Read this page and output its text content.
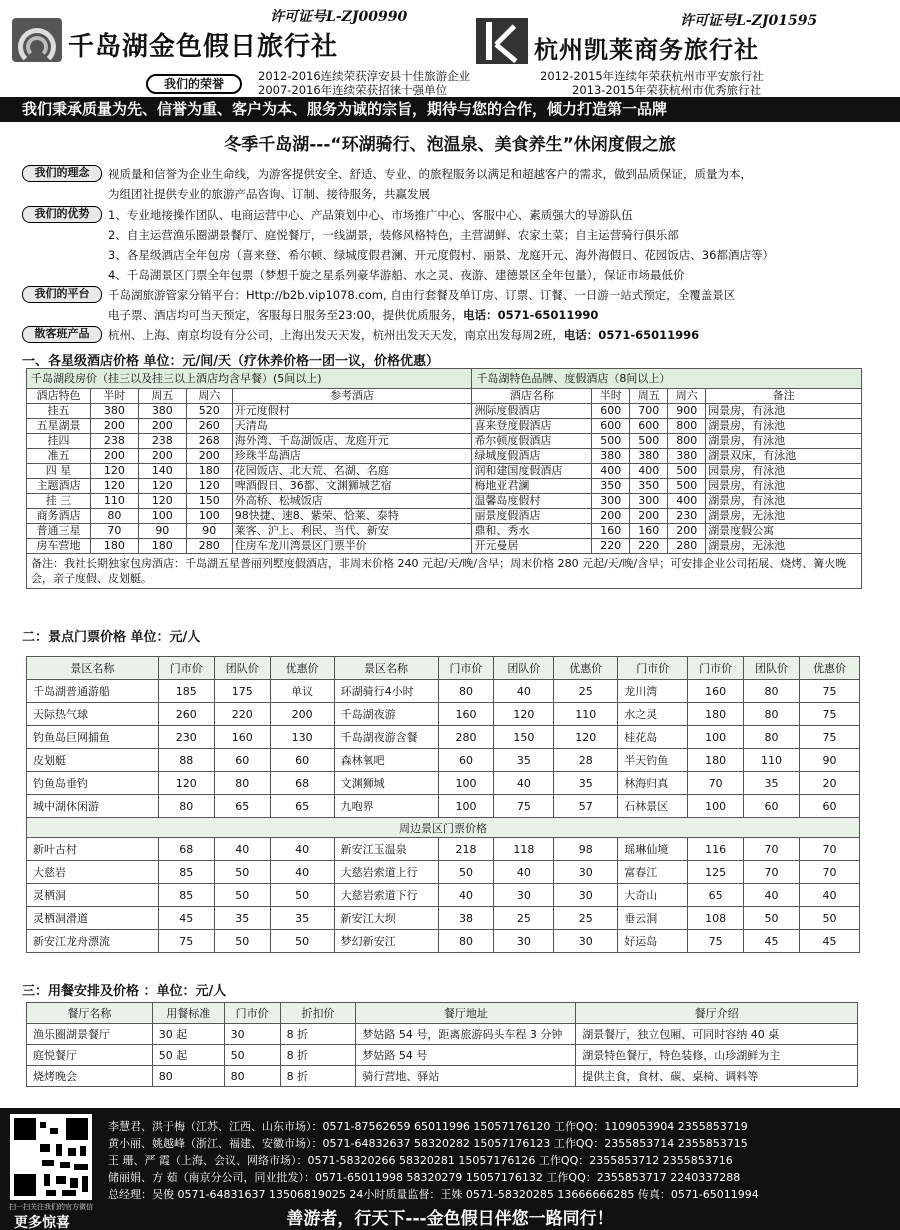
许可证号L-ZJ00990
千岛湖金色假日旅行社
许可证号L-ZJ01595
杭州凯莱商务旅行社
我们的荣誉
2012-2016连续荣获淳安县十佳旅游企业
2007-2016年连续荣获招徕十强单位
2012-2015年连续年荣获杭州市平安旅行社
2013-2015年荣获杭州市优秀旅行社
我们秉承质量为先、信誉为重、客户为本、服务为诚的宗旨，期待与您的合作，倾力打造第一品牌
冬季千岛湖---“环湖骑行、泡温泉、美食养生”休闲度假之旅
我们的理念	视质量和信誉为企业生命线，为游客提供安全、舒适、专业、的旅程服务以满足和超越客户的需求，做到品质保证，质量为本，
为组团社提供专业的旅游产品咨询、订制、接待服务，共赢发展
我们的优势	1、专业地接操作团队、电商运营中心、产品策划中心、市场推广中心、客服中心、素质强大的导游队伍
2、自主运营渔乐圈湖景餐厅、庭悦餐厅，一线湖景，装修风格特色，主营湖鲜、农家土菜；自主运营骑行俱乐部
3、各星级酒店全年包房（喜来登、希尔顿、绿城度假君澜、开元度假村、丽景、龙庭开元、海外海假日、花园饭店、36都酒店等）
4、千岛湖景区门票全年包票（梦想千旋之星系列豪华游船、水之灵、夜游、建德景区全年包量），保证市场最低价
我们的平台	千岛湖旅游管家分销平台：Http://b2b.vip1078.com, 自由行套餐及单订房、订票、订餐、一日游一站式预定，全覆盖景区
电子票、酒店均可当天预定，客服每日服务至23:00，提供优质服务，电话：0571-65011990
散客班产品	杭州、上海、南京均设有分公司，上海出发天天发，杭州出发天天发，南京出发每周2班，电话：0571-65011996
一、各星级酒店价格 单位：元/间/天（疗休养价格一团一议，价格优惠）
千岛湖段房价（挂三以及挂三以上酒店均含早餐）(5间以上)					千岛湖特色品牌、度假酒店（8间以上）				
酒店特色	半时	周五	周六	参考酒店	酒店名称	半时	周五	周六	备注
挂五	380	380	520	开元度假村	洲际度假酒店	600	700	900	园景房，有泳池
五星湖景	200	200	260	天清岛	喜来登度假酒店	600	600	800	湖景房，有泳池
挂四	238	238	268	海外湾、千岛湖饭店、龙庭开元	希尔顿度假酒店	500	500	800	湖景房，有泳池
准五	200	200	200	珍珠半岛酒店	绿城度假酒店	380	380	380	湖景双床，有泳池
四 星	120	140	180	花园饭店、北大荒、名湖、名庭	润和建国度假酒店	400	400	500	园景房，有泳池
主题酒店	120	120	120	啤酒假日、36都、文渊狮城艺宿	梅地亚君澜	350	350	500	园景房，有泳池
挂 三	110	120	150	外高桥、松城饭店	温馨岛度假村	300	300	400	湖景房，有泳池
商务酒店	80	100	100	98快捷、速8、紫荣、恰莱、泰特	丽景度假酒店	200	200	230	湖景房，无泳池
普通三星	70	90	90	莱客、沪上、利民、当代、新安	鼎和、秀水	160	160	200	湖景度假公寓
房车营地	180	180	280	住房车龙川湾景区门票半价	开元曼居	220	220	280	湖景房，无泳池
备注：我社长期独家包房酒店：千岛湖五星普丽列墅度假酒店，非周末价格 240 元起/天/晚/含早；周末价格 280 元起/天/晚/含早；可安排企业公司拓展、烧烤、篝火晚会，亲子度假、皮划艇。									
二：景点门票价格 单位：元/人
景区名称	门市价	团队价	优惠价	景区名称	门市价	团队价	优惠价	门市价	门市价	团队价	优惠价
千岛湖普通游船	185	175	单议	环湖骑行4小时	80	40	25	龙川湾	160	80	75
天际热气球	260	220	200	千岛湖夜游	160	120	110	水之灵	180	80	75
钓鱼岛巨网捕鱼	230	160	130	千岛湖夜游含餐	280	150	120	桂花岛	100	80	75
皮划艇	88	60	60	森林氧吧	60	35	28	半天钓鱼	180	110	90
钓鱼岛垂钓	120	80	68	文渊狮城	100	40	35	林海归真	70	35	20
城中湖休闲游	80	65	65	九咆界	100	75	57	石林景区	100	60	60
周边景区门票价格											
新叶古村	68	40	40	新安江玉温泉	218	118	98	瑶琳仙境	116	70	70
大慈岩	85	50	40	大慈岩索道上行	50	40	30	富春江	125	70	70
灵栖洞	85	50	50	大慈岩索道下行	40	30	30	大奇山	65	40	40
灵栖洞滑道	45	35	35	新安江大坝	38	25	25	垂云洞	108	50	50
新安江龙舟漂流	75	50	50	梦幻新安江	80	30	30	好运岛	75	45	45
三：用餐安排及价格 ：单位：元/人
餐厅名称	用餐标准	门市价	折扣价	餐厅地址	餐厅介绍
渔乐圈湖景餐厅	30 起	30	8 折	梦姑路 54 号，距离旅游码头车程 3 分钟	湖景餐厅，独立包厢、可同时容纳 40 桌
庭悦餐厅	50 起	50	8 折	梦姑路 54 号	湖景特色餐厅，特色装修，山珍湖鲜为主
烧烤晚会	80	80	8 折	骑行营地、驿站	提供主食，食材、碳、桌椅、调料等
扫一扫关注我们的官方微信
更多惊喜
李慧君、洪于梅（江苏、江西、山东市场）：0571-87562659 65011996 15057176120 工作QQ：1109053904 2355853719
黄小丽、姚越峰（浙江、福建、安徽市场）：0571-64832637 58320282 15057176123 工作QQ：2355853714 2355853715
王 珊、严 霞（上海、会议、网络市场）：0571-58320266 58320281 15057176126 工作QQ：2355853712 2355853716
储丽娟、方 茹（南京分公司，同业批发）：0571-65011998 58320279 15057176132 工作QQ：2355853717 2240337288
总经理：吴俊 0571-64831637 13506819025 24小时质量监督：王姝 0571-58320285 13666666285 传真：0571-65011994
善游者，行天下---金色假日伴您一路同行！
